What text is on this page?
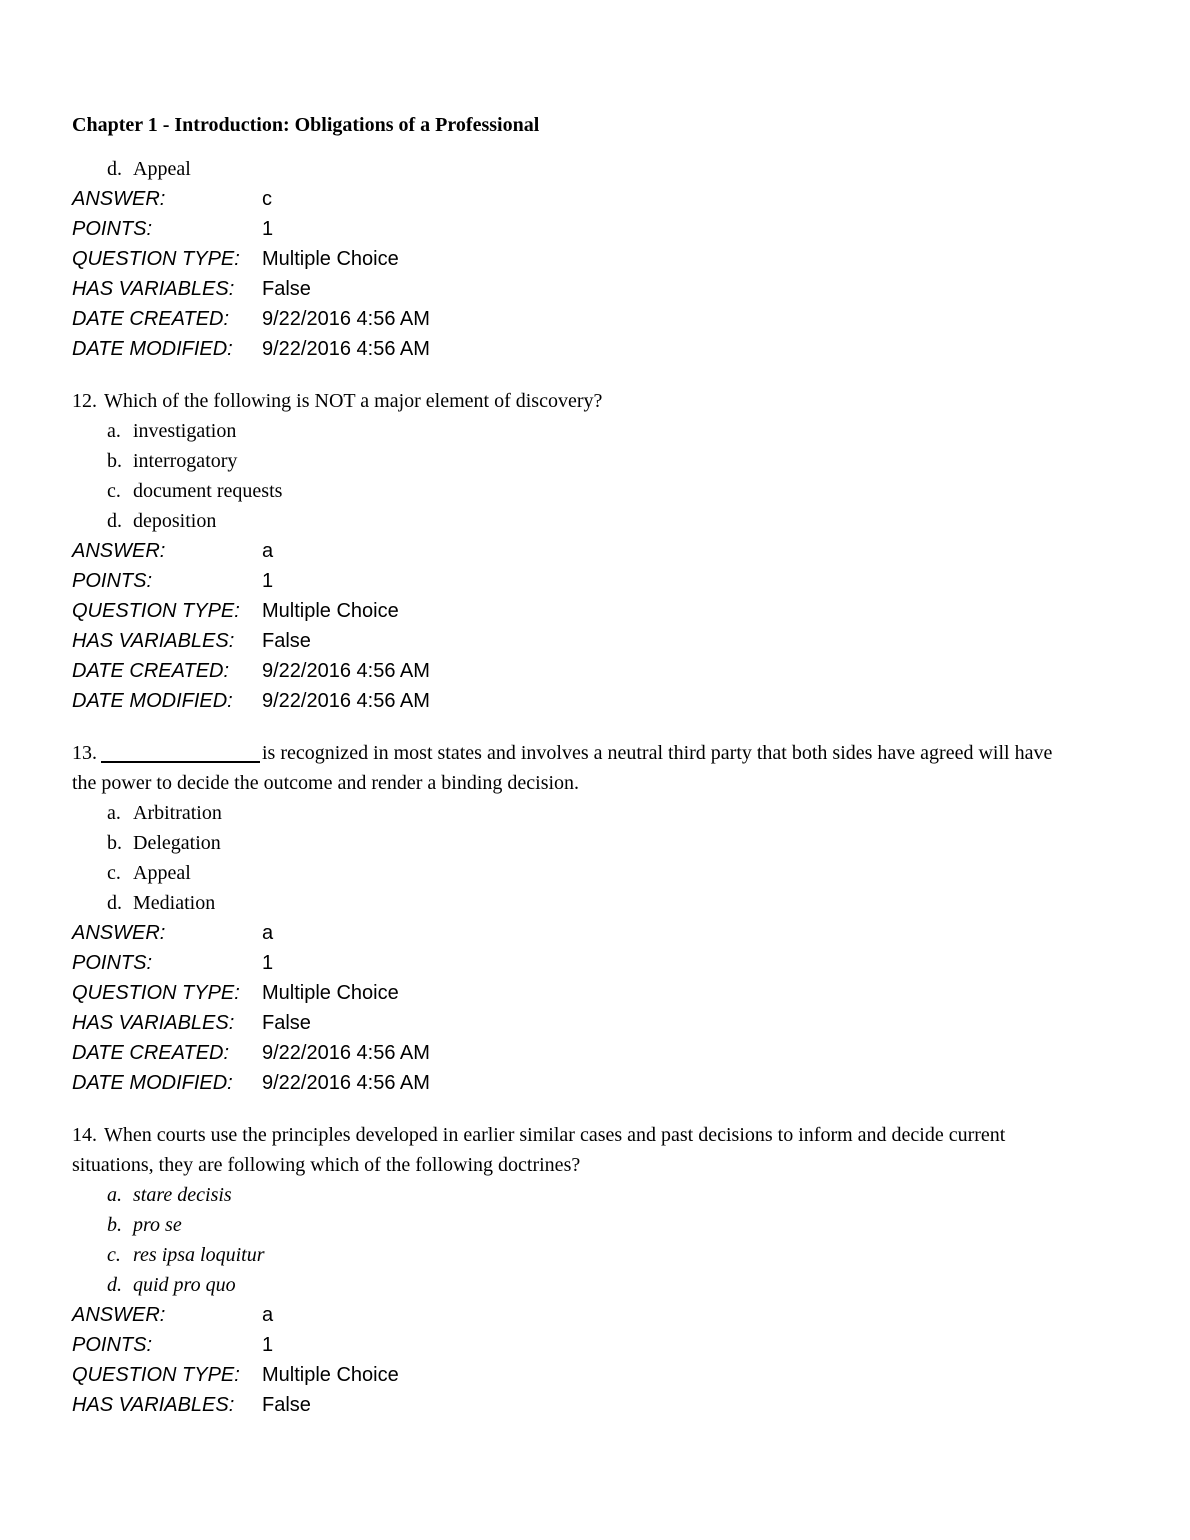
Chapter 1 - Introduction: Obligations of a Professional
d. Appeal
ANSWER:	c
POINTS:	1
QUESTION TYPE: Multiple Choice
HAS VARIABLES: False
DATE CREATED: 9/22/2016 4:56 AM
DATE MODIFIED: 9/22/2016 4:56 AM
12. Which of the following is NOT a major element of discovery?
a. investigation
b. interrogatory
c. document requests
d. deposition
ANSWER:	a
POINTS:	1
QUESTION TYPE: Multiple Choice
HAS VARIABLES: False
DATE CREATED: 9/22/2016 4:56 AM
DATE MODIFIED: 9/22/2016 4:56 AM
13.	is recognized in most states and involves a neutral third party that both sides have agreed will have
the power to decide the outcome and render a binding decision.
a. Arbitration
b. Delegation
c. Appeal
d. Mediation
ANSWER:	a
POINTS:	1
QUESTION TYPE: Multiple Choice
HAS VARIABLES: False
DATE CREATED: 9/22/2016 4:56 AM
DATE MODIFIED: 9/22/2016 4:56 AM
14. When courts use the principles developed in earlier similar cases and past decisions to inform and decide current
situations, they are following which of the following doctrines?
a. stare decisis
b. pro se
c. res ipsa loquitur
d. quid pro quo
ANSWER:	a
POINTS:	1
QUESTION TYPE: Multiple Choice
HAS VARIABLES: False
